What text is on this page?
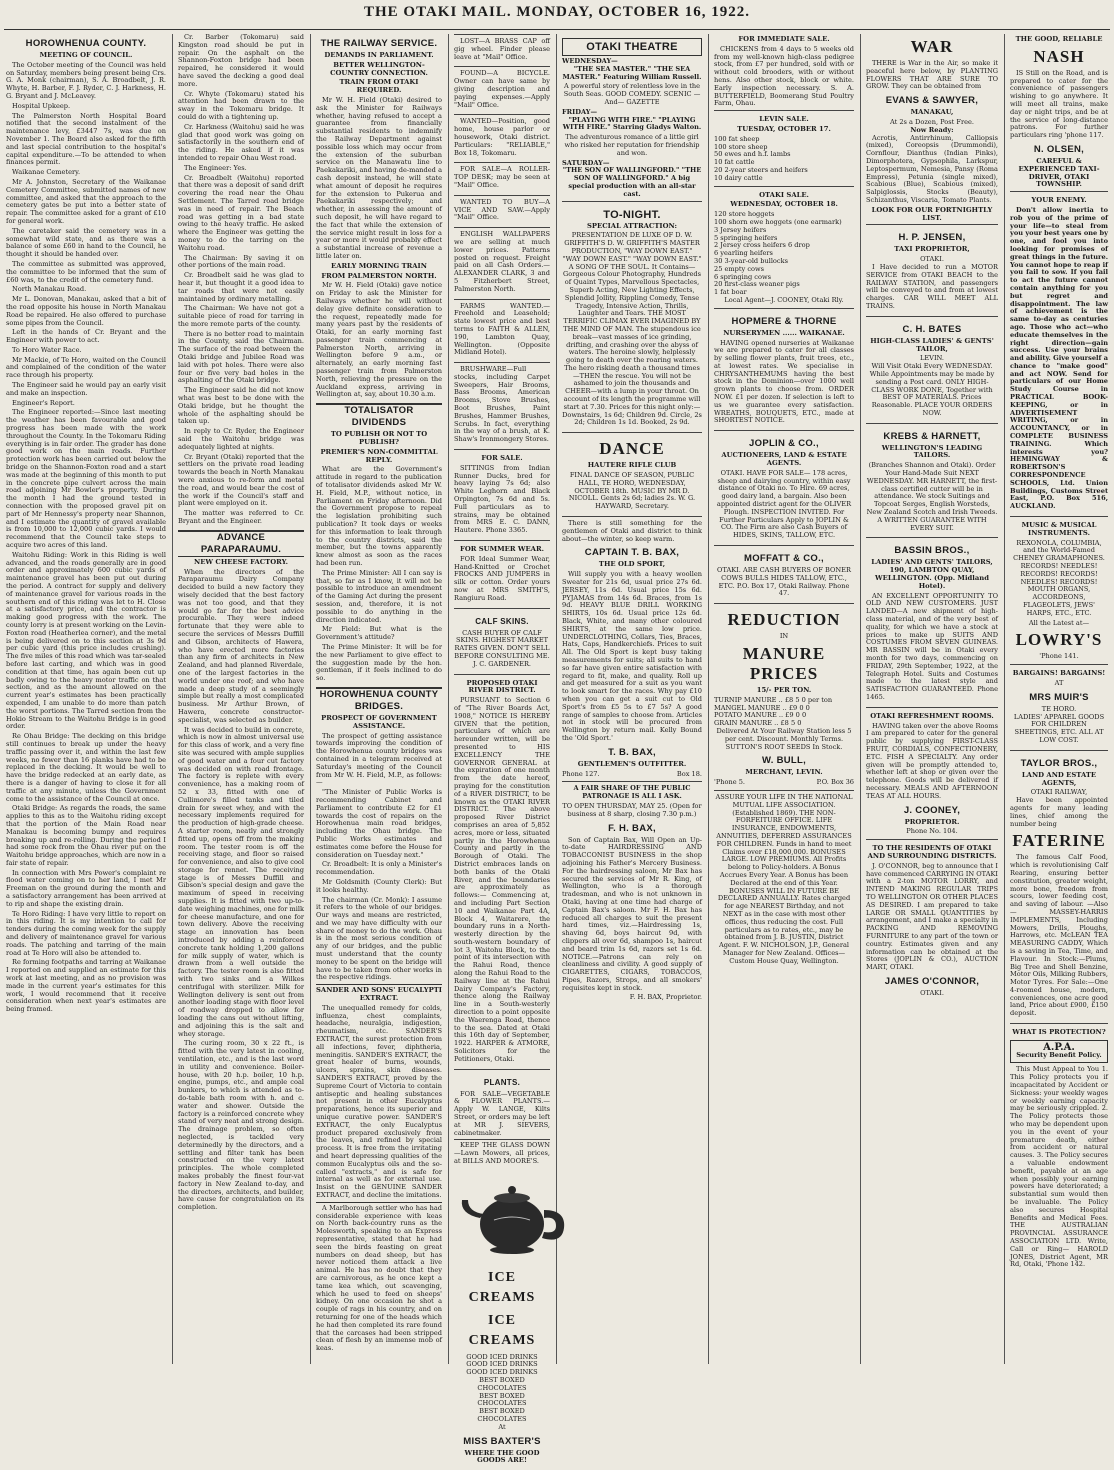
THE OTAKI MAIL. MONDAY, OCTOBER 16, 1922.
HOROWHENUA COUNTY.
MEETING OF COUNCIL.

The October meeting of the Council was held on Saturday, members being present being Crs. G. A. Monk (chairman), S. A. Broadbelt, J. R. Whyte, H. Barber, F. J. Ryder, C. J. Harkness, H. G. Bryant and J. McLeavey.

Hospital Upkeep.

The Palmerston North Hospital Board notified that the second instalment of the maintenance levy, £3447 7s, was due on November 1. The Board also asked for the fifth and last special contribution to the hospital's capital expenditure.—To be attended to when finances permit.

Waikanae Cemetery.

Mr A. Johnston, Secretary of the Waikanae Cemetery Committee, submitted names of new committee, and asked that the approach to the cemetery gates be put into a better state of repair. The committee asked for a grant of £10 for general work.

The caretaker said the cemetery was in a somewhat wild state, and as there was a balance of some £60 in hand to the Council, he thought it should be handed over.

The committee as submitted was approved, the committee to be informed that the sum of £60 was, to the credit of the cemetery fund.

North Manakau Road.

Mr L. Donovan, Manakau, asked that a bit of the road opposite his house in North Manakau Road be repaired. He also offered to purchase some pipes from the Council.

Left in the hands of Cr. Bryant and the Engineer with power to act.

To Horo Water Race.

Mr Mackie, of Te Horo, waited on the Council and complained of the condition of the water race through his property.

The Engineer said he would pay an early visit and make an inspection.

Engineer's Report.

The Engineer reported:—Since last meeting the weather has been favourable and good progress has been made with the work throughout the County. In the Tokomaru Riding everything is in fair order. The grader has done good work on the main roads. Further protection work has been carried out below the bridge on the Shannon-Foxton road and a start was made at the beginning of this month to put in the concrete pipe culvert across the main road adjoining Mr Bowler's property. During the month I had the ground tested in connection with the proposed gravel pit on part of Mr Hennessy's property near Shannon, and I estimate the quantity of gravel available is from 10,000 to 12,000 cubic yards. I would recommend that the Council take steps to acquire two acres of this land.

Waitohu Riding: Work in this Riding is well advanced, and the roads generally are in good order and approximately 600 cubic yards of maintenance gravel has been put out during the period. A contract for supply and delivery of maintenance gravel for various roads in the southern end of this riding was let to H. Close at a satisfactory price, and the contractor is making good progress with the work. The county lorry is at present working on the Levin-Foxton road (Heatherlea corner), and the metal is being delivered on to this section at 3s 9d per cubic yard (this price includes crushing). The five miles of this road which was tar-sealed before last carting, and which was in good condition at that time, has again been cut up badly owing to the heavy motor traffic on that section, and as the amount allowed on the current year's estimates has been practically expended, I am unable to do more than patch the worst portions. The Tarred section from the Hokio Stream to the Waitohu Bridge is in good order.

Re Ohau Bridge: The decking on this bridge still continues to break up under the heavy traffic passing over it, and within the last few weeks, no fewer than 16 planks have had to be replaced in the decking. It would be well to have the bridge redecked at an early date, as there is a danger of having to close it for all traffic at any minute, unless the Government come to the assistance of the Council at once.

Otaki Bridge: As regards the roads, the same applies to this as to the Waitohu riding except that the portion of the Main Road near Manakau is becoming bumpy and requires breaking up and re-rolling. During the period I had some rock from the Ohau river put on the Waitohu bridge approaches, which are now in a fair state of repair.

In connection with Mrs Power's complaint re flood water coming on to her land, I met Mr Freeman on the ground during the month and a satisfactory arrangement has been arrived at to rip and shape the existing drain.

Te Horo Riding: I have very little to report on in this riding. It is my intention to call for tenders during the coming week for the supply and delivery of maintenance gravel for various roads. The patching and tarring of the main road at Te Horo will also be attended to.

Re forming footpaths and tarring at Waikanae I reported on and supplied an estimate for this work at last meeting, and as no provision was made in the current year's estimates for this work, I would recommend that it receive consideration when next year's estimates are being framed.

Cr. Barber (Tokomaru) said Kingston road should be put in repair. On the asphalt on the Shannon-Foxton bridge had been repaired, he considered it would have saved the decking a good deal more.

Cr. Whyte (Tokomaru) stated his attention had been drawn to the sway in the Tokomaru bridge. It could do with a tightening up.

Cr. Harkness (Waitohu) said he was glad that good work was going on satisfactorily in the southern end of the riding. He asked if it was intended to repair Ohau West road.

The Engineer: Yes.

Cr. Broadbelt (Waitohu) reported that there was a deposit of sand drift covering the road near the Ohau Settlement. The Tarred road bridge was in need of repair. The Beach road was getting in a bad state owing to the heavy traffic. He asked where the Engineer was getting the money to do the tarring on the Waitohu road.

The Chairman: By saving it on other portions of the main road.

Cr. Broadbelt said he was glad to hear it, but thought it a good idea to tar roads that were not easily maintained by ordinary metalling.

The Chairman: We have not got a suitable piece of road for tarring in the more remote parts of the county.

There is no better road to maintain in the County, said the Chairman. The surface of the road between the Otaki bridge and Jubilee Road was laid with pot holes. There were also four or five very bad holes in the asphalting of the Otaki bridge.

The Engineer said he did not know what was best to be done with the Otaki bridge, but he thought the whole of the asphalting should be taken up.

In reply to Cr. Ryder, the Engineer said the Waitohu bridge was adequately lighted at nights.

Cr. Bryant (Otaki) reported that the settlers on the private road leading towards the beach in North Manakau were anxious to re-form and metal the road, and would bear the cost of the work if the Council's staff and plant were employed on it.

The matter was referred to Cr. Bryant and the Engineer.

ADVANCE PARAPARAUMU.
NEW CHEESE FACTORY.

When the directors of the Paraparaumu Dairy Company decided to build a new factory they wisely decided that the best factory was not too good, and that they would go far for the best advice procurable. They were indeed fortunate that they were able to secure the services of Messrs Duffill and Gibson, architects of Hawera, who have erected more factories than any firm of architects in New Zealand, and had planned Riverdale, one of the largest factories in the world under one roof; and who have made a deep study of a seemingly simple but really a most complicated business. Mr Arthur Brown, of Hawera, concrete constructor-specialist, was selected as builder.

It was decided to build in concrete, which is now in almost universal use for this class of work, and a very fine site was secured with ample supplies of good water and a four cut factory was decided on with road frontage. The factory is replete with every convenience, has a making room of 52 x 33, fitted with one of Cullimore's filled tanks and tiled drain for sweet whey, and with the necessary implements required for the production of high-grade cheese. A starter room, neatly and strongly fitted up, opens off from the making room. The tester room is off the receiving stage, and floor so raised for convenience, and also to give cool storage for rennet. The receiving stage is of Messrs Duffill and Gibson's special design and gave the maximum of speed in receiving supplies. It is fitted with two up-to-date weighing machines, one for milk for cheese manufacture, and one for town delivery. Above the receiving stage an innovation has been introduced by adding a reinforced concrete tank holding 1,200 gallons for milk supply of water, which is drawn from a well outside the factory. The tester room is also fitted with two sinks and a Wilkes centrifugal with sterilizer. Milk for Wellington delivery is sent out from another loading stage with floor level of roadway dropped to allow for loading the cans out without lifting, and adjoining this is the salt and whey storage.

The curing room, 30 x 22 ft., is fitted with the very latest in cooling, ventilation, etc., and is the last word in utility and convenience. Boiler-house, with 20 h.p. boiler, 10 h.p. engine, pumps, etc., and ample coal bunkers, to which is attended as to-do-table bath room with h. and c. water and shower. Outside the factory is a reinforced concrete whey stand of very neat and strong design. The drainage problem, so often neglected, is tackled very determinedly by the directors, and a settling and filter tank has been constructed on the very latest principles. The whole completed makes probably the finest four-vat factory in New Zealand to-day, and the directors, architects, and builder, have cause for congratulation on its completion.

THE RAILWAY SERVICE.
DEMANDS IN PARLIAMENT.
BETTER WELLINGTON-COUNTRY CONNECTION.
TRAIN FROM OTAKI REQUIRED.

Mr W. H. Field (Otaki) desired to ask the Minister for Railways whether, having refused to accept a guarantee from financially substantial residents to indemnify the Railway Department against possible loss which may occur from the extension of the suburban service on the Manawatu line to Paekakariki, and having de-manded a cash deposit instead, he will state what amount of deposit he requires for the extension to Pukerua and Paekakariki respectively; and whether, in assessing the amount of such deposit, he will have regard to the fact that while the extension of the service might result in loss for a year or more it would probably effect a substantial increase of revenue a little later on.

EARLY MORNING TRAIN
FROM PALMERSTON NORTH.

Mr W. H. Field (Otaki) gave notice on Friday to ask the Minister for Railways whether he will without delay give definite consideration to the request, repeatedly made for many years past by the residents of Otaki, for an early morning fast passenger train commencing at Palmerston North, arriving in Wellington before 9 a.m., or alternately, an early morning fast passenger train from Palmerston North, relieving the pressure on the Auckland express, arriving in Wellington at, say, about 10.30 a.m.

TOTALISATOR DIVIDENDS
TO PUBLISH OR NOT TO PUBLISH?
PREMIER'S NON-COMMITTAL REPLY.

What are the Government's attitude in regard to the publication of totalisator dividends asked Mr W. H. Field, M.P., without notice, in Parliament on Friday afternoon. Did the Government propose to repeal the legislation prohibiting such publication? It took days or weeks for this information to leak through to the country districts, said the member, but the towns apparently knew almost as soon as the races had been run.

The Prime Minister: All I can say is that, so far as I know, it will not be possible to introduce an amendment of the Gaming Act during the present session, and, therefore, it is not possible to do anything in the direction indicated.

Mr Field: But what is the Government's attitude?

The Prime Minister: It will be for the new Parliament to give effect to the suggestion made by the hon. gentleman, if it feels inclined to do so.

HOROWHENUA COUNTY BRIDGES.
PROSPECT OF GOVERNMENT ASSISTANCE.

The prospect of getting assistance towards improving the condition of the Horowhenua county bridges was contained in a telegram received at Saturday's meeting of the Council from Mr W. H. Field, M.P., as follows:—

"The Minister of Public Works is recommending Cabinet and Parliament to contribute £2 for £1 towards the cost of repairs on the Horowhenua main road bridges, including the Ohau bridge. The Public Works estimates and estimates come before the House for consideration on Tuesday next."

Cr. Broadbelt: It is only a Minister's recommendation.

Mr Goldsmith (County Clerk): But it looks healthy.

The chairman (Cr. Monk): I assume it refers to the whole of our bridges. Our ways and means are restricted, and we may have difficulty with our share of money to do the work. Ohau is in the most serious condition of any of our bridges, and the public must understand that the county money to be spent on the bridge will have to be taken from other works in the respective ridings.

SANDER AND SONS' EUCALYPTI EXTRACT.

The unequalled remedy for colds, influenza, chest complaints, headache, neuralgia, indigestion, rheumatism, etc. SANDER'S EXTRACT, the surest protection from all infections, fever, diphtheria, meningitis. SANDER'S EXTRACT, the great healer of burns, wounds, ulcers, sprains, skin diseases. SANDER'S EXTRACT, proved by the Supreme Court of Victoria to contain antiseptic and healing substances not present in other Eucalyptus preparations, hence its superior and unique curative power. SANDER'S EXTRACT, the only Eucalyptus product prepared exclusively from the leaves, and refined by special process. It is free from the irritating and heart depressing qualities of the common Eucalyptus oils and the so-called "extracts," and is safe for internal as well as for external use. Insist on the GENUINE SANDER EXTRACT, and decline the imitations.

A Marlborough settler who has had considerable experience with keas on North back-country runs as the Molesworth, speaking to an Express representative, stated that he had seen the birds feasting on great numbers on dead sheep, but has never noticed them attack a live animal. He has no doubt that they are carnivorous, as he once kept a tame kea which, out scavenging, which he used to feed on sheeps' kidney. On one occasion he shot a couple of rags in his country, and on returning for one of the heads which he had then completed its rare found that the carcases had been stripped clean of flesh by an immense mob of keas.

LOST—A BRASS CAP off gig wheel. Finder please leave at "Mail" Office.

FOUND—A BICYCLE. Owner can have same by giving description and paying expenses.—Apply "Mail" Office.

WANTED—Position, good home, house parlor or housework, Otaki district. Particulars: "RELIABLE," Box 18, Tokomaru.

FOR SALE—A ROLLER-TOP DESK; may be seen at "Mail" Office.

WANTED TO BUY—A VICE AND SAW.—Apply "Mail" Office.

ENGLISH WALLPAPERS we are selling at much lower prices. Patterns posted on request. Freight paid on all Cash Orders.—ALEXANDER CLARK, 3 and 5 Fitzherbert Street, Palmerston North.

FARMS WANTED.—Freehold and Leasehold; state lowest price and best terms to FAITH & ALLEN, 190, Lambton Quay, Wellington. (Opposite Midland Hotel).

BRUSHWARE—Full stocks, including Carpet Sweepers, Hair Brooms, Bass Brooms, American Brooms, Stove Brushes, Boot Brushes, Paint Brushes, Hammer Brushes, Scrubs. In fact, everything in the way of a brush, at K. Shaw's Ironmongery Stores.

FOR SALE.

SITTINGS from Indian Runner Ducks, bred for heavy laying 7s 6d; also White Leghorn and Black Orpington, 7s 6d and 5s. Full particulars as to strains, may be obtained from MRS E. C. DANN, Hautere. Phone 3365.

FOR SUMMER WEAR.

FOR Ideal Summer Wear, Hand-Knitted or Crochet FROCKS AND JUMPERS in silk or cotton. Order yours now at MRS SMITH'S, Rangiuru Road.

CALF SKINS.

CASH BUYER OF CALF SKINS. HIGHEST MARKET RATES GIVEN. DON'T SELL BEFORE CONSULTING ME. J. C. GARDENER.

PROPOSED OTAKI RIVER DISTRICT.

PURSUANT to Section 6 of "The River Boards Act, 1908," NOTICE IS HEREBY GIVEN that the petition, particulars of which are hereunder written, will be presented to HIS EXCELLENCY THE GOVERNOR GENERAL at the expiration of one month from the date hereof, praying for the constitution of a RIVER DISTRICT, to be known as the OTAKI RIVER DISTRICT. The above proposed River District comprises an area of 5,852 acres, more or less, situated partly in the Horowhenua County and partly in the Borough of Otaki. The District embraces lands on both banks of the Otaki River, and the boundaries are approximately as follows:— Commencing at, and including Part Section 10 and Waikanae Part 4A, Block 4, Waitarere, the boundary runs in a North-westerly direction by the south-western boundary of lot 3, Waitohu Block, to the point of its intersection with the Rahui Road, thence along the Rahui Road to the Railway line at the Rahui Dairy Company's Factory, thence along the Railway line in a South-westerly direction to a point opposite the Waerenga Road, thence to the sea. Dated at Otaki this 16th day of September, 1922. HARPER & ATMORE, Solicitors for the Petitioners, Otaki.

PLANTS.

FOR SALE—VEGETABLE & FLOWER PLANTS.—Apply W. LANGE, Kilts Street, or orders may be left at MR J. SIEVERS, cabinetmaker.

KEEP THE GLASS DOWN—Lawn Mowers, all prices, at BILLS AND MOORE'S.

ICE CREAMS
ICE CREAMS
GOOD ICED DRINKS
GOOD ICED DRINKS
GOOD ICED DRINKS
BEST BOXED CHOCOLATES
BEST BOXED CHOCOLATES
BEST BOXED CHOCOLATES
At
MISS BAXTER'S
WHERE THE GOOD GOODS ARE!
OTAKI THEATRE
WEDNESDAY—

"THE SEA MASTER." "THE SEA MASTER." Featuring William Russell.

A powerful story of relentless love in the South Seas. GOOD COMEDY. SCENIC —And— GAZETTE

FRIDAY—

"PLAYING WITH FIRE." "PLAYING WITH FIRE." Starring Gladys Walton.

The adventurous romance of a little girl who risked her reputation for friendship and won.

SATURDAY—

"THE SON OF WALLINGFORD." "THE SON OF WALLINGFORD." A big special production with an all-star cast.

TO-NIGHT.
SPECIAL ATTRACTION:

PRESENTATION DE LUXE OF D. W. GRIFFITH'S D. W. GRIFFITH'S MASTER PRODUCTION, "WAY DOWN EAST." "WAY DOWN EAST." "WAY DOWN EAST." A SONG OF THE SOUL. It Contains—Gorgeous Colour Photography, Hundreds of Quaint Types, Marvellous Spectacles, Superb Acting, New Lighting Effects, Splendid Jollity, Rippling Comedy, Tense Tragedy, Intensive Action, Thrills, Laughter and Tears. THE MOST TERRIFIC CLIMAX EVER IMAGINED BY THE MIND OF MAN. The stupendous ice break—vast masses of ice grinding, drifting, and crashing over the abyss of waters. The heroine slowly, helplessly going to death over the roaring waters. The hero risking death a thousand times—THEN the rescue. You will not be ashamed to join the thousands and CHEER—with a lump in your throat. On account of its length the programme will start at 7.30. Prices for this night only:— Downstairs, 1s 6d; Children 9d. Circle, 2s 2d; Children 1s 1d. Booked, 2s 9d.

DANCE
HAUTERE RIFLE CLUB

FINAL DANCE OF SEASON, PUBLIC HALL, TE HORO, WEDNESDAY, OCTOBER 18th. MUSIC BY MR D. NICOLL. Gents 2s 6d; ladies 2s. W. G. HAYWARD, Secretary.

There is still something for the gentlemen of Otaki and district to think about—the winter, so keep warm.

CAPTAIN T. B. BAX,
THE OLD SPORT,

Will supply you with a heavy woollen Sweater for 21s 6d, usual price 27s 6d. JERSEY, 11s 6d. Usual price 15s 6d. PYJAMAS from 14s 6d. Braces, from 1s 9d. HEAVY BLUE DRILL WORKING SHIRTS, 10s 6d. Usual price 12s 6d. Black, White, and many other coloured SHIRTS, at the same low price. UNDERCLOTHING, Collars, Ties, Braces, Hats, Caps, Handkerchiefs. Prices to suit All. The Old Sport is kept busy taking measurements for suits; all suits to hand so far have given entire satisfaction with regard to fit, make, and quality. Roll up and get measured for a suit as you want to look smart for the races. Why pay £10 when you can get a suit cut to Old Sport's from £5 5s to £7 5s? A good range of samples to choose from. Articles not in stock will be procured from Wellington by return mail. Kelly Bound the 'Old Sport.'

T. B. BAX,
GENTLEMEN'S OUTFITTER.
Phone 127.	Box 18.

A FAIR SHARE OF THE PUBLIC PATRONAGE IS ALL I ASK.

TO OPEN THURSDAY, MAY 25. (Open for business at 8 sharp, closing 7.30 p.m.)

F. H. BAX,

Son of Captain Bax, Will Open an Up-to-date HAIRDRESSING AND TOBACCONIST BUSINESS in the shop adjoining his Father's Mercery Business. For the hairdressing saloon, Mr Bax has secured the services of Mr R. King, of Wellington, who is a thorough tradesman, and who is not unknown in Otaki, having at one time had charge of Captain Bax's saloon. Mr F. H. Bax has reduced all charges to suit the present hard times, viz.—Hairdressing 1s, shaving 6d, boys haircut 9d, with clippers all over 6d, shampoo 1s, haircut and beard trim 1s 6d, razors set 1s 6d. NOTICE.—Patrons can rely on cleanliness and civility. A good supply of CIGARETTES, CIGARS, TOBACCOS, Pipes, Razors, Strops, and all smokers' requisites kept in stock.

F. H. BAX, Proprietor.
FOR IMMEDIATE SALE.

CHICKENS from 4 days to 5 weeks old from my well-known high-class pedigree stock, from £7 per hundred, sold with or without cold brooders, with or without hens. Also other stock, block or white. Early inspection necessary. S. A. BUTTERFIELD, Boomerang Stud Poultry Farm, Ohau.

LEVIN SALE.
TUESDAY, OCTOBER 17.
100 fat sheep
100 store sheep
50 ewes and h.f. lambs
10 fat cattle
20 2-year steers and heifers
10 dairy cattle
OTAKI SALE.
WEDNESDAY, OCTOBER 18.
120 store hoggets
100 shorn ewe hoggets (one earmark)
3 Jersey heifers
5 springing heifers
2 Jersey cross heifers 6 drop
6 yearling heifers
30 3-year-old bullocks
25 empty cows
6 springing cows
20 first-class weaner pigs
1 fat boar
Local Agent—J. COONEY, Otaki Rly.
HOPMERE & THORNE
NURSERYMEN ...... WAIKANAE.

HAVING opened nurseries at Waikanae we are prepared to cater for all classes by selling flower plants, fruit trees, etc., at lowest rates. We specialise in CHRYSANTHEMUMS having the best stock in the Dominion—over 1000 well grown plants to choose from. ORDER NOW. £1 per dozen. If selection is left to us we guarantee every satisfaction. WREATHS, BOUQUETS, ETC., made at SHORTEST NOTICE.

JOPLIN & CO.,
AUCTIONEERS, LAND & ESTATE AGENTS.

OTAKI. HAVE FOR SALE— 178 acres, sheep and dairying country, within easy distance of Otaki no. To Hire. 69 acres, good dairy land, a bargain. Also been appointed district agent for the OLIVER Plough. INSPECTION INVITED. For Further Particulars Apply to JOPLIN & CO. The Firm are also Cash Buyers of HIDES, SKINS, TALLOW, ETC.

MOFFATT & CO.,

OTAKI. ARE CASH BUYERS OF BONER COWS BULLS HIDES TALLOW, ETC., ETC. P.O. Box 17, Otaki Railway. Phone 47.

REDUCTION
IN
MANURE PRICES
15/- PER TON.
TURNIP MANURE .. £8 5 0 per ton
MANGEL MANURE .. £9 0 0
POTATO MANURE .. £9 0 0
GRAIN MANURE .. £8 5 0

Delivered At Your Railway Station less 5 per cent. Discount. Monthly Terms. SUTTON'S ROOT SEEDS In Stock.

W. BULL,
MERCHANT, LEVIN.
'Phone 5.	P.O. Box 36

ASSURE YOUR LIFE IN THE NATIONAL MUTUAL LIFE ASSOCIATION. (Established 1869). THE NON-FORFEITURE OFFICE. LIFE INSURANCE, ENDOWMENTS, ANNUITIES, DEFERRED ASSURANCES FOR CHILDREN. Funds in hand to meet Claims over £18,000,000. BONUSES LARGE. LOW PREMIUMS. All Profits belong to Policy-holders. A Bonus Accrues Every Year. A Bonus has been Declared at the end of this Year. BONUSES WILL IN FUTURE BE DECLARED ANNUALLY. Rates charged for age NEAREST Birthday, and not NEXT as in the case with most other offices, thus reducing the cost. Full particulars as to rates, etc., may be obtained from J. B. JUSTIN, District Agent. F. W. NICHOLSON, J.P., General Manager for New Zealand. Offices— Custom House Quay, Wellington.

WAR

THERE is War in the Air, so make it peaceful here below, by PLANTING FLOWERS THAT ARE SURE TO GROW. They can be obtained from

EVANS & SAWYER,
MANAKAU,
At 2s a Dozen, Post Free.
Now Ready:

Acrotis, Antirrhinum, Calliopsis (mixed), Coreopsis (Drummondi), Cornflour, Dianthus (Indian Pinks), Dimorphotera, Gypsophila, Larkspur, Leptospermum, Nemesia, Pansy (Roma Empress), Petunia (single mixed), Scabious (Blue), Scabious (mixed), Salpiglossis, Stocks (Beauty), Schizanthus, Viscaria, Tomato Plants.

LOOK FOR OUR FORTNIGHTLY LIST.
H. P. JENSEN,
TAXI PROPRIETOR,
OTAKI.

I Have decided to run a MOTOR SERVICE from OTAKI BEACH to the RAILWAY STATION, and passengers will be conveyed to and from at lowest charges. CAR WILL MEET ALL TRAINS.

C. H. BATES
HIGH-CLASS LADIES' & GENTS' TAILOR,
LEVIN.

Will Visit Otaki Every WEDNESDAY. While Appointments may be made by sending a Post card. ONLY HIGH-CLASS WORK DONE, Together with BEST OF MATERIALS. Prices Reasonable. PLACE YOUR ORDERS NOW.

KREBS & HARNETT,
WELLINGTON'S LEADING TAILORS.

(Branches Shannon and Otaki). Order Your Hand-Made Suit NEXT WEDNESDAY. MR HARNETT, the first-class certified cutter will be in attendance. We stock Suitings and Topcoat Serges, English Worsteds, New Zealand Scotch and Irish Tweeds. A WRITTEN GUARANTEE WITH EVERY SUIT.

BASSIN BROS.,
LADIES' AND GENTS' TAILORS, 190, LAMBTON QUAY, WELLINGTON. (Opp. Midland Hotel).

AN EXCELLENT OPPORTUNITY TO OLD AND NEW CUSTOMERS. JUST LANDED—A new shipment of high-class material, and of the very best of quality, for which we have a stock at prices to make up SUITS AND COSTUMES FROM SEVEN GUINEAS. MR BASSIN will be in Otaki every month for two days, commencing on FRIDAY, 29th September, 1922, at the Telegraph Hotel. Suits and Costumes made to the latest style and SATISFACTION GUARANTEED. Phone 1465.

OTAKI REFRESHMENT ROOMS.

HAVING taken over the above Rooms I am prepared to cater for the general public by supplying FIRST-CLASS FRUIT, CORDIALS, CONFECTIONERY, ETC. FISH A SPECIALTY. Any order given will be promptly attended to, whether left at shop or given over the telephone. Goods will be delivered if necessary. MEALS AND AFTERNOON TEAS AT ALL HOURS.

J. COONEY,
PROPRIETOR.
Phone No. 104.
TO THE RESIDENTS OF OTAKI AND SURROUNDING DISTRICTS.

J. O'CONNOR, beg to announce that I have commenced CARRYING IN OTAKI with a 2-ton MOTOR LORRY, and INTEND MAKING REGULAR TRIPS TO WELLINGTON OR OTHER PLACES AS DESIRED. I am prepared to take LARGE OR SMALL QUANTITIES by arrangement, and I make a specialty in PACKING AND REMOVING FURNITURE to any part of the town or country. Estimates given and any information can be obtained at the Stores (JOPLIN & CO.), AUCTION MART, OTAKI.

JAMES O'CONNOR,
OTAKI.
THE GOOD, RELIABLE
NASH

IS Still on the Road, and is prepared to cater for the convenience of passengers wishing to go anywhere. It will meet all trains, make day or night trips, and be at the service of long-distance patrons. For further particulars ring 'phone 117.

N. OLSEN,
CAREFUL & EXPERIENCED TAXI-DRIVER, OTAKI TOWNSHIP.
YOUR ENEMY.

Don't allow inertia to rob you of the prime of your life—to steal from you your best years one by one, and fool you into looking for promises of great things in the future. You cannot hope to reap if you fail to sow. If you fail to act the future cannot contain anything for you but regret and disappointment. The law of achievement is the same to-day as centuries ago. Those who act—who educate themselves in the right direction—gain success. Use your brains and ability. Give yourself a chance to "make good" and act NOW. Send for particulars of our Home Study Course in PRACTICAL BOOK-KEEPING, or in ADVERTISEMENT WRITING, or in ACCOUNTANCY, or in COMPLETE BUSINESS TRAINING. Which interests you? HEMINGWAY & ROBERTSON'S CORRESPONDENCE SCHOOLS, Ltd. Union Buildings, Customs Street East, P.O. Box 516, AUCKLAND.

MUSIC & MUSICAL INSTRUMENTS.

REXONOLA, COLUMBIA, and the World-Famed CHENEY GRAMAPHONES. RECORDS! NEEDLES! RECORDS! RECORDS! NEEDLES! RECORDS! MOUTH ORGANS, ACCORDEONS, FLAGEOLETS, JEWS' HARPS, ETC., ETC.

All the Latest at—
LOWRY'S
'Phone 141.
BARGAINS! BARGAINS!
AT
MRS MUIR'S
TE HORO.

LADIES' APPAREL GOODS FOR CHILDREN SHEETINGS, ETC. ALL AT LOW COST.

TAYLOR BROS.,
LAND AND ESTATE AGENTS,
OTAKI RAILWAY,

Have been appointed agents for many leading lines, chief among the number being

FATERINE

The famous Calf Food, which is revolutionising Calf Rearing, ensuring better constitution, greater weight, more bone, freedom from scours, lower feeding cost, and saving of labour. —Also— MASSEY-HARRIS IMPLEMENTS, Including Mowers, Drills, Ploughs, Harrows, etc. McLEAN TEA MEASURING CADDY, Which is a saving in Tea, Time, and Flavour. In Stock:—Plums, Big Tree and Shell Benzine, Motor Oils, Milking Rubbers, Motor Tyres. For Sale:—One 4-roomed house, modern, conveniences, one acre good land, Price about £900, £150 deposit.

WHAT IS PROTECTION?
A.P.A.
Security Benefit Policy.

This Must Appeal to You 1. This Policy protects you if incapacitated by Accident or Sickness: your weekly wages or weekly earning capacity may be seriously crippled. 2. The Policy protects those who may be dependent upon you in the event of your premature death, either from accident or natural causes. 3. The Policy secures a valuable endowment benefit, payable at an age when possibly your earning powers have deteriorated; a substantial sum would then be invaluable. The Policy also secures Hospital Benefits and Medical Fees. THE AUSTRALIAN PROVINCIAL ASSURANCE ASSOCIATION LTD. Write, Call or Ring— HAROLD JONES, District Agent, MR Rd, Otaki, 'Phone 142.
